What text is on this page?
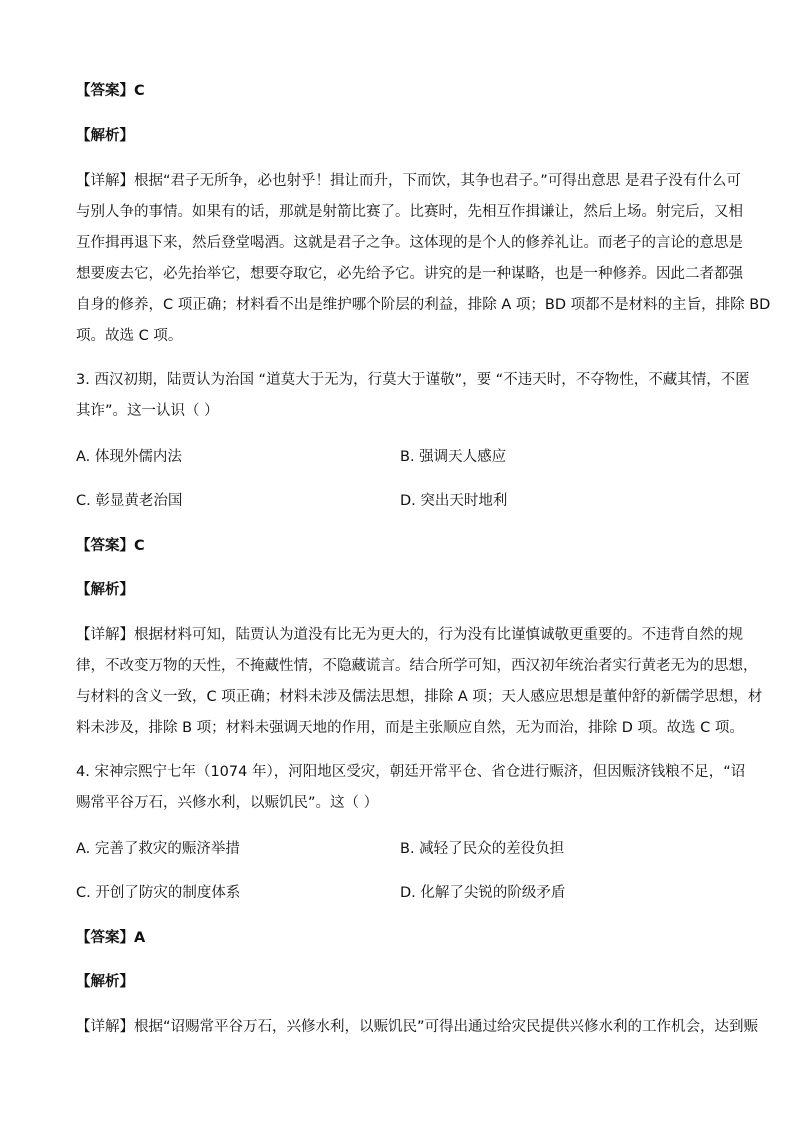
【答案】C
【解析】
【详解】根据“君子无所争，必也射乎！揖让而升，下而饮，其争也君子。”可得出意思 是君子没有什么可
与别人争的事情。如果有的话，那就是射箭比赛了。比赛时，先相互作揖谦让，然后上场。射完后，又相
互作揖再退下来，然后登堂喝酒。这就是君子之争。这体现的是个人的修养礼让。而老子的言论的意思是
想要废去它，必先抬举它，想要夺取它，必先给予它。讲究的是一种谋略，也是一种修养。因此二者都强
自身的修养，C 项正确；材料看不出是维护哪个阶层的利益，排除 A 项；BD 项都不是材料的主旨，排除 BD
项。故选 C 项。
3. 西汉初期，陆贾认为治国 “道莫大于无为，行莫大于谨敬”，要 “不违天时，不夺物性，不藏其情，不匿
其诈”。这一认识（ ）
A. 体现外儒内法	B. 强调天人感应
C. 彰显黄老治国	D. 突出天时地利
【答案】C
【解析】
【详解】根据材料可知，陆贾认为道没有比无为更大的，行为没有比谨慎诚敬更重要的。不违背自然的规
律，不改变万物的天性，不掩藏性情，不隐藏谎言。结合所学可知，西汉初年统治者实行黄老无为的思想，
与材料的含义一致，C 项正确；材料未涉及儒法思想，排除 A 项；天人感应思想是董仲舒的新儒学思想，材
料未涉及，排除 B 项；材料未强调天地的作用，而是主张顺应自然，无为而治，排除 D 项。故选 C 项。
4. 宋神宗熙宁七年（1074 年），河阳地区受灾，朝廷开常平仓、省仓进行赈济，但因赈济钱粮不足，“诏
赐常平谷万石，兴修水利，以赈饥民”。这（ ）
A. 完善了救灾的赈济举措	B. 减轻了民众的差役负担
C. 开创了防灾的制度体系	D. 化解了尖锐的阶级矛盾
【答案】A
【解析】
【详解】根据“诏赐常平谷万石，兴修水利，以赈饥民”可得出通过给灾民提供兴修水利的工作机会，达到赈
